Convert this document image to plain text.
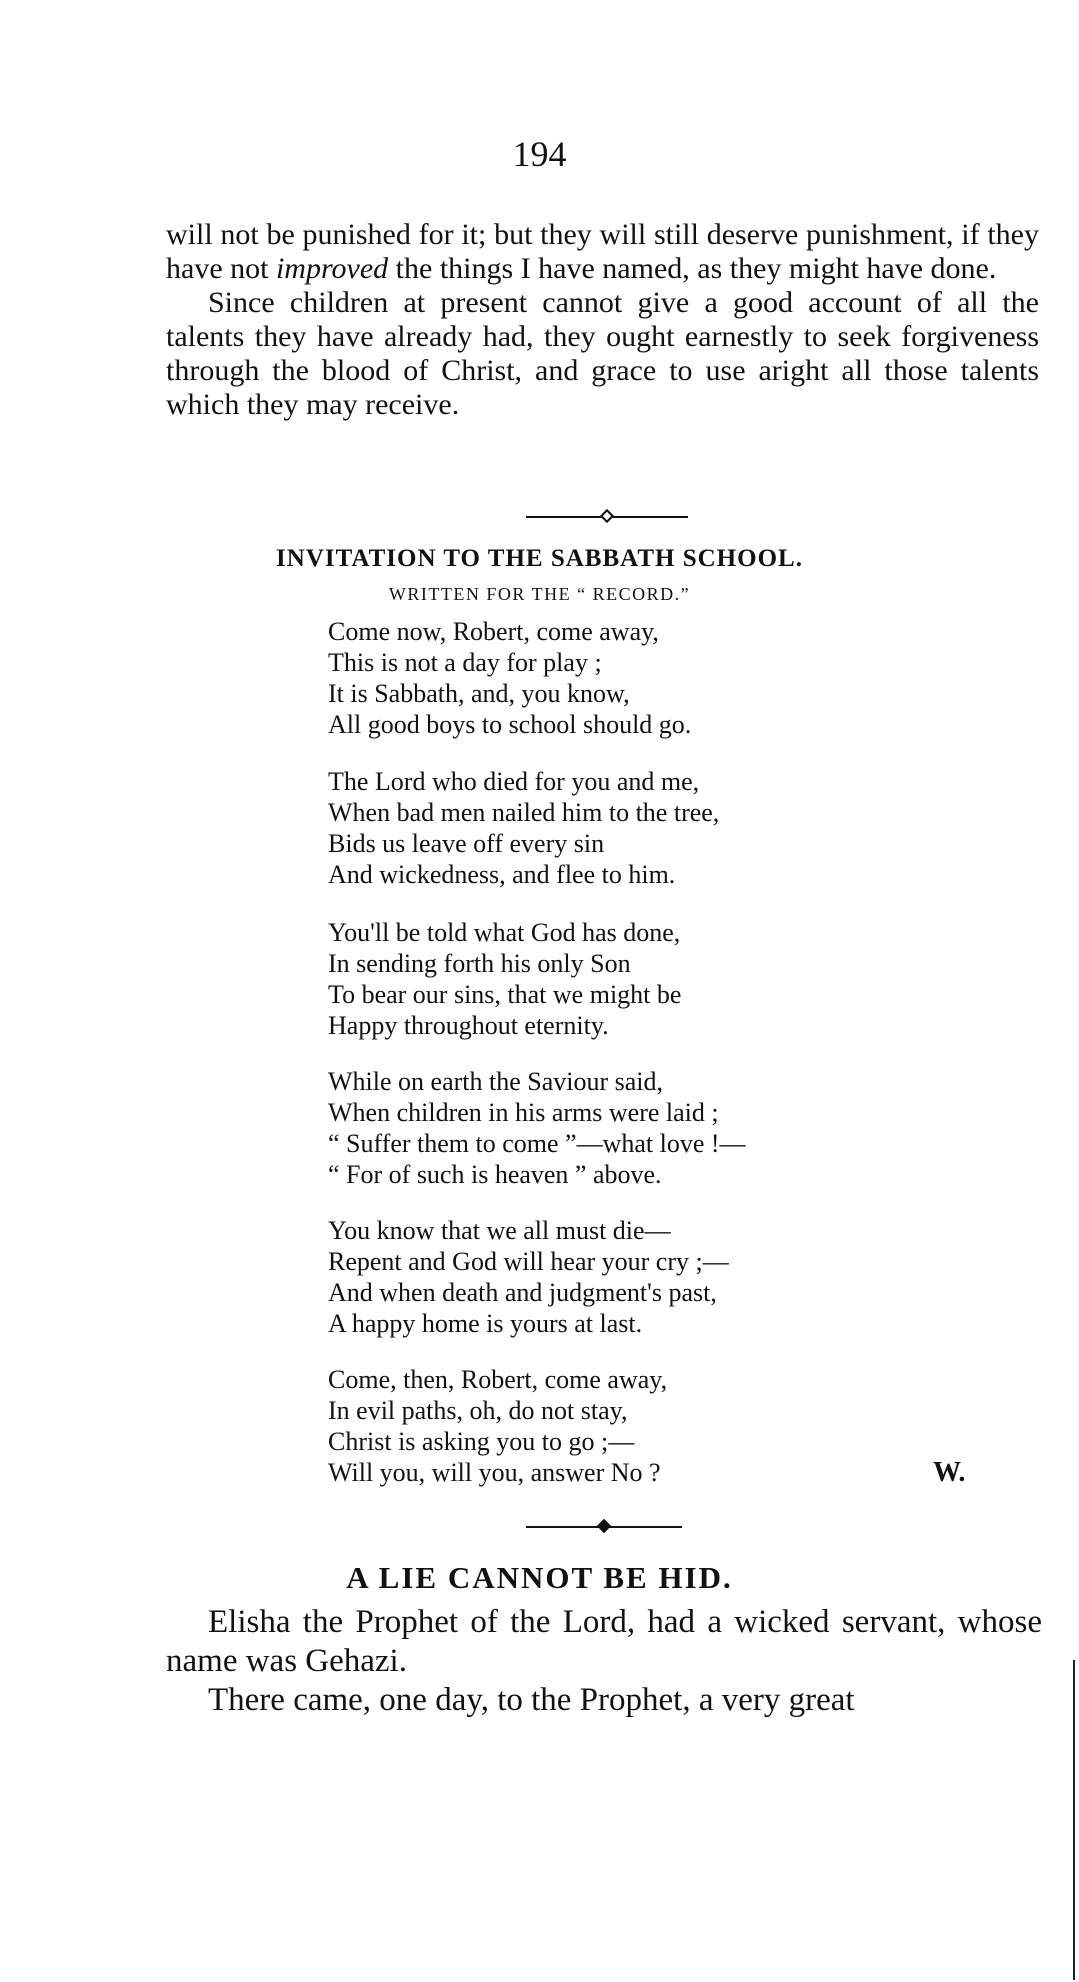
194

will not be punished for it; but they will still deserve punishment, if they have not improved the things I have named, as they might have done.

Since children at present cannot give a good account of all the talents they have already had, they ought earnestly to seek forgiveness through the blood of Christ, and grace to use aright all those talents which they may receive.

INVITATION TO THE SABBATH SCHOOL.
WRITTEN FOR THE “ RECORD.”
Come now, Robert, come away,
This is not a day for play ;
It is Sabbath, and, you know,
All good boys to school should go.
The Lord who died for you and me,
When bad men nailed him to the tree,
Bids us leave off every sin
And wickedness, and flee to him.
You'll be told what God has done,
In sending forth his only Son
To bear our sins, that we might be
Happy throughout eternity.
While on earth the Saviour said,
When children in his arms were laid ;
“ Suffer them to come ”—what love !—
“ For of such is heaven ” above.
You know that we all must die—
Repent and God will hear your cry ;—
And when death and judgment's past,
A happy home is yours at last.
Come, then, Robert, come away,
In evil paths, oh, do not stay,
Christ is asking you to go ;—
Will you, will you, answer No ?	W.
A LIE CANNOT BE HID.

Elisha the Prophet of the Lord, had a wicked servant, whose name was Gehazi.

There came, one day, to the Prophet, a very great
